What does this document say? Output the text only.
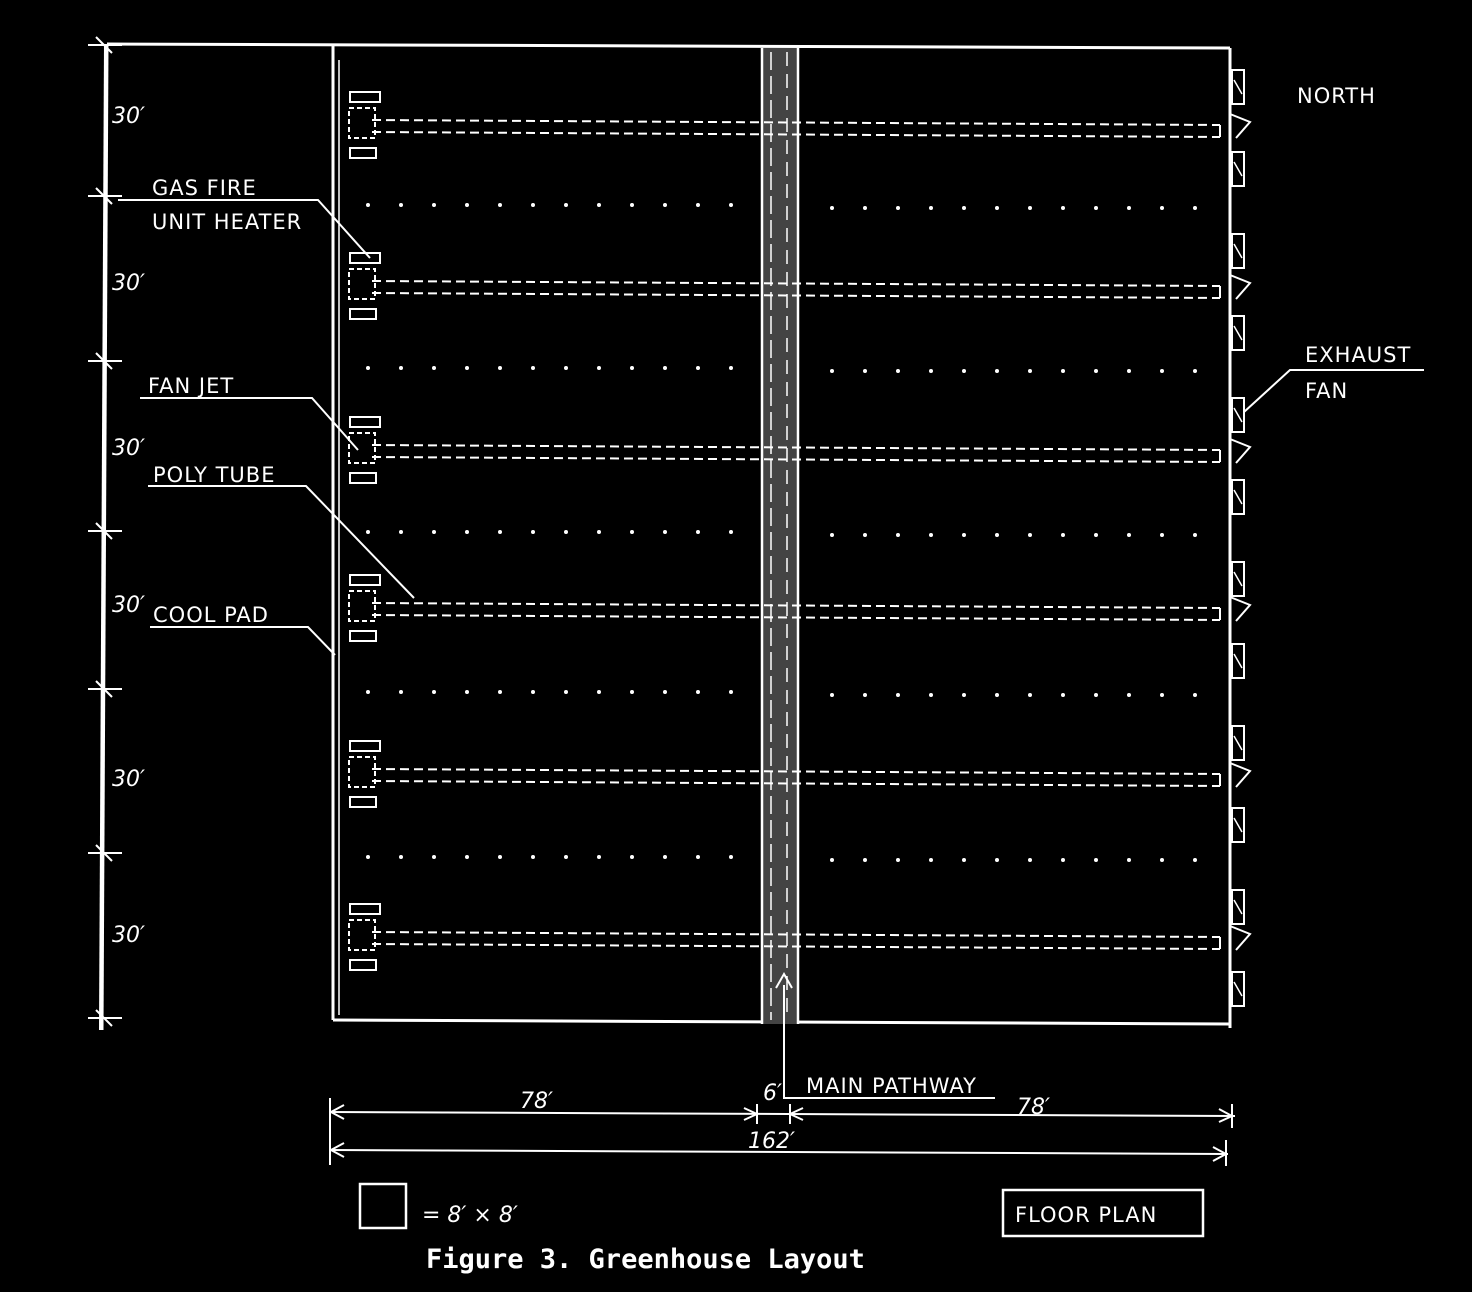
30′
30′
30′
30′
30′
30′
NORTH
GAS FIRE
UNIT HEATER
FAN JET
POLY TUBE
COOL PAD
EXHAUST
FAN
MAIN PATHWAY
78′	6′
78′
162′
= 8′ × 8′	FLOOR PLAN
Figure 3. Greenhouse Layout
